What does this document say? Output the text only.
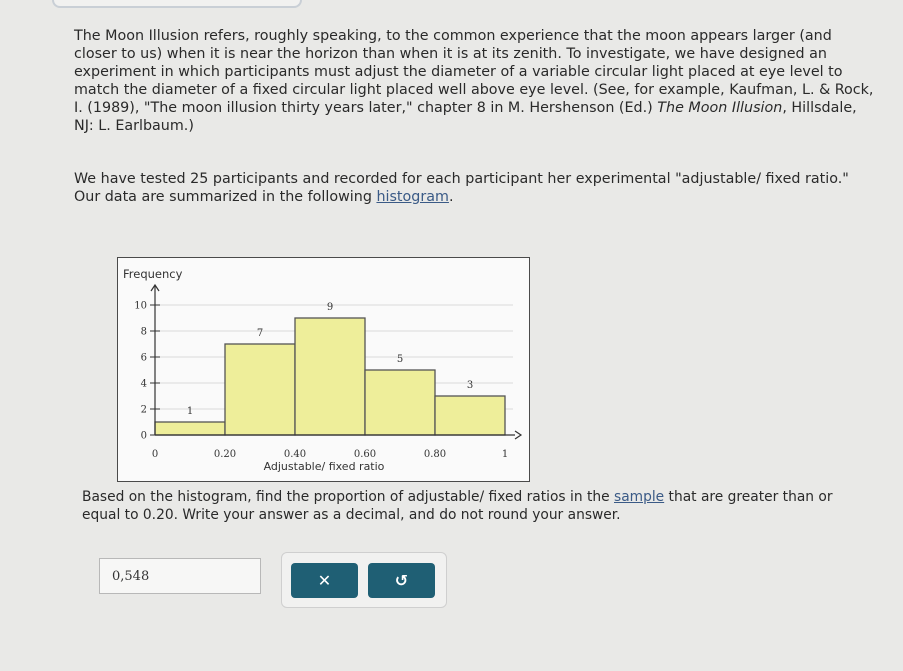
The Moon Illusion refers, roughly speaking, to the common experience that the moon appears larger (and closer to us) when it is near the horizon than when it is at its zenith. To investigate, we have designed an experiment in which participants must adjust the diameter of a variable circular light placed at eye level to match the diameter of a fixed circular light placed well above eye level. (See, for example, Kaufman, L. & Rock, I. (1989), "The moon illusion thirty years later," chapter 8 in M. Hershenson (Ed.) The Moon Illusion, Hillsdale, NJ: L. Earlbaum.)

We have tested 25 participants and recorded for each participant her experimental "adjustable/ fixed ratio."
Our data are summarized in the following histogram.

0
2
4
6
8
10
1
7
9
5
3
0	0.20	0.40	0.60	0.80	1
Frequency
Adjustable/ fixed ratio

Based on the histogram, find the proportion of adjustable/ fixed ratios in the sample that are greater than or equal to 0.20. Write your answer as a decimal, and do not round your answer.

0,548	✕	↺
